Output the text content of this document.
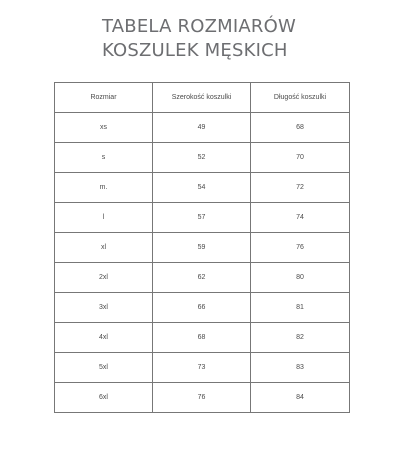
TABELA ROZMIARÓW
KOSZULEK MĘSKICH
Rozmiar	Szerokość koszulki	Długość koszulki
xs	49	68
s	52	70
m.	54	72
l	57	74
xl	59	76
2xl	62	80
3xl	66	81
4xl	68	82
5xl	73	83
6xl	76	84
